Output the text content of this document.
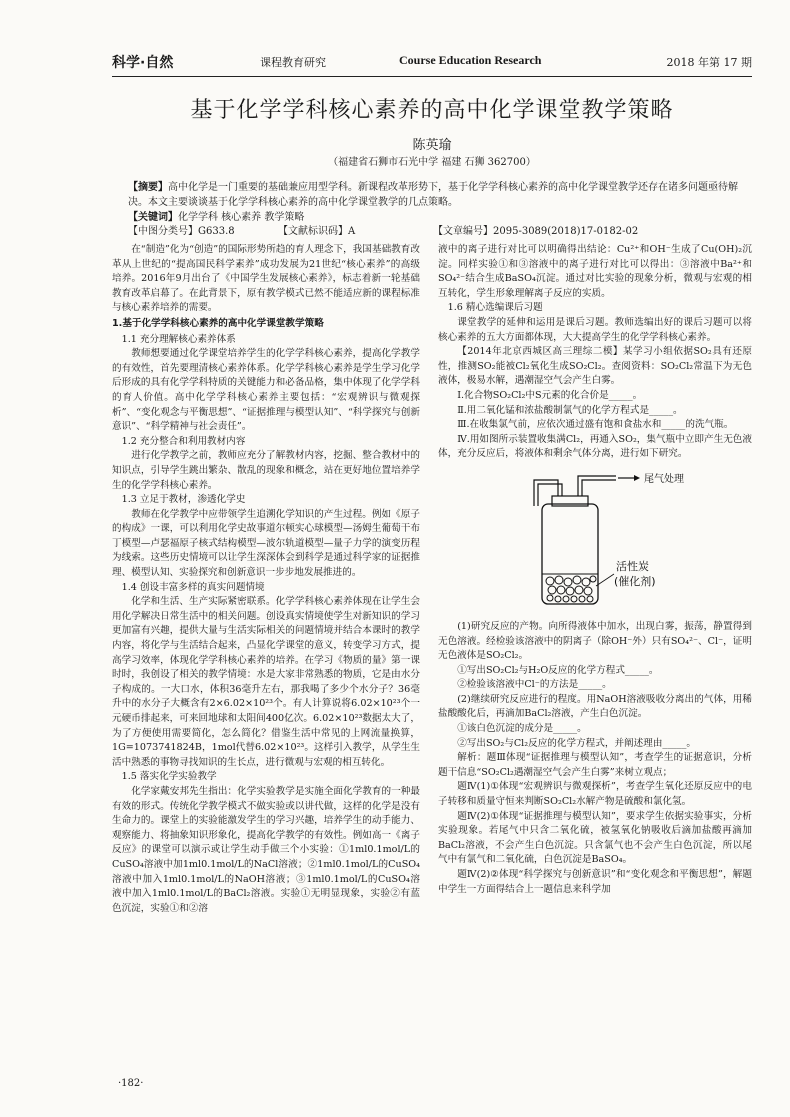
科学·自然	课程教育研究	Course Education Research	2018 年第 17 期
基于化学学科核心素养的高中化学课堂教学策略
陈英瑜
（福建省石狮市石光中学 福建 石狮 362700）
【摘要】高中化学是一门重要的基础兼应用型学科。新课程改革形势下，基于化学学科核心素养的高中化学课堂教学还存在诸多问题亟待解决。本文主要谈谈基于化学学科核心素养的高中化学课堂教学的几点策略。
【关键词】化学学科 核心素养 教学策略
【中图分类号】G633.8	【文献标识码】A	【文章编号】2095-3089(2018)17-0182-02

在“制造”化为“创造”的国际形势所趋的育人理念下，我国基础教育改革从上世纪的“提高国民科学素养”成功发展为21世纪“核心素养”的高级培养。2016年9月出台了《中国学生发展核心素养》，标志着新一轮基础教育改革启幕了。在此背景下，原有教学模式已然不能适应新的课程标准与核心素养培养的需要。

1.基于化学学科核心素养的高中化学课堂教学策略

1.1 充分理解核心素养体系

教师想要通过化学课堂培养学生的化学学科核心素养，提高化学教学的有效性，首先要理清核心素养体系。化学学科核心素养是学生学习化学后形成的具有化学学科特质的关键能力和必备品格，集中体现了化学学科的育人价值。高中化学学科核心素养主要包括：“宏观辨识与微观探析”、“变化观念与平衡思想”、“证据推理与模型认知”、“科学探究与创新意识”、“科学精神与社会责任”。

1.2 充分整合和利用教材内容

进行化学教学之前，教师应充分了解教材内容，挖掘、整合教材中的知识点，引导学生跳出繁杂、散乱的现象和概念，站在更好地位置培养学生的化学学科核心素养。

1.3 立足于教材，渗透化学史

教师在化学教学中应带领学生追溯化学知识的产生过程。例如《原子的构成》一课，可以利用化学史故事道尔顿实心球模型—汤姆生葡萄干布丁模型—卢瑟福原子核式结构模型—波尔轨道模型—量子力学的演变历程为线索。这些历史情境可以让学生深深体会到科学是通过科学家的证据推理、模型认知、实验探究和创新意识一步步地发展推进的。

1.4 创设丰富多样的真实问题情境

化学和生活、生产实际紧密联系。化学学科核心素养体现在让学生会用化学解决日常生活中的相关问题。创设真实情境使学生对新知识的学习更加富有兴趣，提供大量与生活实际相关的问题情境并结合本课时的教学内容，将化学与生活结合起来，凸显化学课堂的意义，转变学习方式，提高学习效率，体现化学学科核心素养的培养。在学习《物质的量》第一课时时，我创设了相关的教学情境：水是大家非常熟悉的物质，它是由水分子构成的。一大口水，体积36毫升左右，那我喝了多少个水分子？36毫升中的水分子大概含有2×6.02×10²³个。有人计算说将6.02×10²³个一元硬币排起来，可来回地球和太阳间400亿次。6.02×10²³数据太大了，为了方便使用需要简化，怎么简化？借鉴生活中常见的上网流量换算，1G=1073741824B，1mol代替6.02×10²³。这样引入教学，从学生生活中熟悉的事物寻找知识的生长点，进行微观与宏观的相互转化。

1.5 落实化学实验教学

化学家戴安邦先生指出：化学实验教学是实施全面化学教育的一种最有效的形式。传统化学教学模式不做实验或以讲代做，这样的化学是没有生命力的。课堂上的实验能激发学生的学习兴趣，培养学生的动手能力、观察能力、将抽象知识形象化，提高化学教学的有效性。例如高一《离子反应》的课堂可以演示或让学生动手做三个小实验：①1ml0.1mol/L的CuSO₄溶液中加1ml0.1mol/L的NaCl溶液；②1ml0.1mol/L的CuSO₄溶液中加入1ml0.1mol/L的NaOH溶液；③1ml0.1mol/L的CuSO₄溶液中加入1ml0.1mol/L的BaCl₂溶液。实验①无明显现象，实验②有蓝色沉淀，实验①和②溶

液中的离子进行对比可以明确得出结论：Cu²⁺和OH⁻生成了Cu(OH)₂沉淀。同样实验①和③溶液中的离子进行对比可以得出：③溶液中Ba²⁺和SO₄²⁻结合生成BaSO₄沉淀。通过对比实验的现象分析，微观与宏观的相互转化，学生形象理解离子反应的实质。

1.6 精心选编课后习题

课堂教学的延伸和运用是课后习题。教师选编出好的课后习题可以将核心素养的五大方面都体现，大大提高学生的化学学科核心素养。

【2014年北京西城区高三理综二模】某学习小组依据SO₂具有还原性，推测SO₂能被Cl₂氧化生成SO₂Cl₂。查阅资料：SO₂Cl₂常温下为无色液体，极易水解，遇潮湿空气会产生白雾。

Ⅰ.化合物SO₂Cl₂中S元素的化合价是_____。

Ⅱ.用二氧化锰和浓盐酸制氯气的化学方程式是_____。

Ⅲ.在收集氯气前，应依次通过盛有饱和食盐水和_____的洗气瓶。

Ⅳ.用如图所示装置收集满Cl₂，再通入SO₂，集气瓶中立即产生无色液体，充分反应后，将液体和剩余气体分离，进行如下研究。

尾气处理
活性炭
(催化剂)

(1)研究反应的产物。向所得液体中加水，出现白雾，振荡，静置得到无色溶液。经检验该溶液中的阴离子（除OH⁻外）只有SO₄²⁻、Cl⁻，证明无色液体是SO₂Cl₂。

①写出SO₂Cl₂与H₂O反应的化学方程式_____。

②检验该溶液中Cl⁻的方法是_____。

(2)继续研究反应进行的程度。用NaOH溶液吸收分离出的气体，用稀盐酸酸化后，再滴加BaCl₂溶液，产生白色沉淀。

①该白色沉淀的成分是_____。

②写出SO₂与Cl₂反应的化学方程式，并阐述理由_____。

解析：题Ⅲ体现“证据推理与模型认知”，考查学生的证据意识，分析题干信息“SO₂Cl₂遇潮湿空气会产生白雾”来树立观点；

题Ⅳ(1)①体现“宏观辨识与微观探析”，考查学生氧化还原反应中的电子转移和质量守恒来判断SO₂Cl₂水解产物是硫酸和氯化氢。

题Ⅳ(2)①体现“证据推理与模型认知”，要求学生依据实验事实，分析实验现象。若尾气中只含二氧化硫，被氢氧化钠吸收后滴加盐酸再滴加BaCl₂溶液，不会产生白色沉淀。只含氯气也不会产生白色沉淀，所以尾气中有氯气和二氧化硫，白色沉淀是BaSO₄。

题Ⅳ(2)②体现“科学探究与创新意识”和“变化观念和平衡思想”，解题中学生一方面得结合上一题信息来科学加

·182·
